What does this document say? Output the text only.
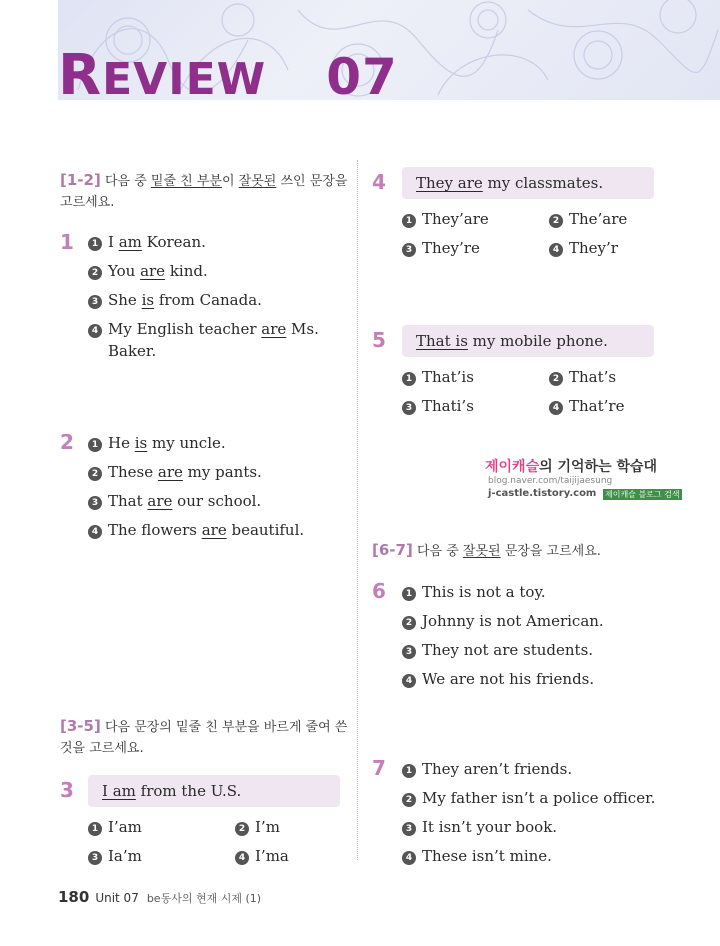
REVIEW 07
[1-2] 다음 중 밑줄 친 부분이 잘못된 쓰인 문장을
고르세요.
1	1 I am Korean.
2 You are kind.
3 She is from Canada.
4 My English teacher are Ms.
Baker.
2	1 He is my uncle.
2 These are my pants.
3 That are our school.
4 The flowers are beautiful.
[3-5] 다음 문장의 밑줄 친 부분을 바르게 줄여 쓴
것을 고르세요.
3	I am from the U.S.
1 I’am	2 I’m
3 Ia’m	4 I’ma
4	They are my classmates.
1 They’are	2 The’are
3 They’re	4 They’r
5	That is my mobile phone.
1 That’is	2 That’s
3 Thati’s	4 That’re
제이캐슬의 기억하는 학습대
blog.naver.com/taijijaesung
j-castle.tistory.com 제이캐슬 블로그 검색
[6-7] 다음 중 잘못된 문장을 고르세요.
6	1 This is not a toy.
2 Johnny is not American.
3 They not are students.
4 We are not his friends.
7	1 They aren’t friends.
2 My father isn’t a police officer.
3 It isn’t your book.
4 These isn’t mine.
180 Unit 07 be동사의 현재 시제 (1)
